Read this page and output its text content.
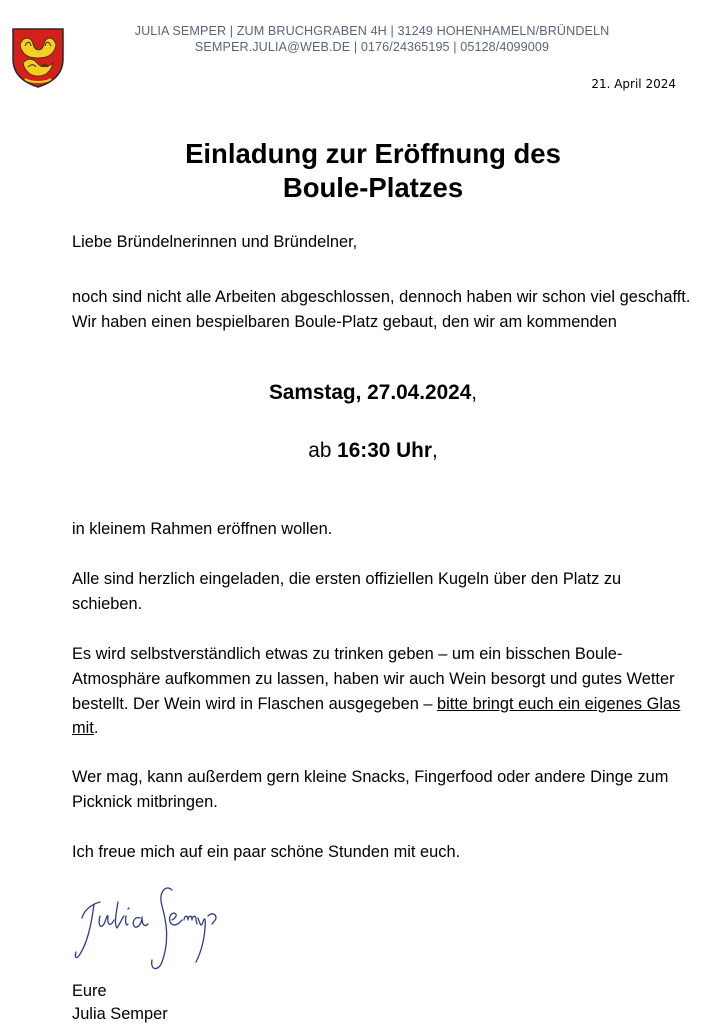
JULIA SEMPER | ZUM BRUCHGRABEN 4H | 31249 HOHENHAMELN/BRÜNDELN
SEMPER.JULIA@WEB.DE | 0176/24365195 | 05128/4099009
21. April 2024
Einladung zur Eröffnung des
Boule-Platzes

Liebe Bründelnerinnen und Bründelner,

noch sind nicht alle Arbeiten abgeschlossen, dennoch haben wir schon viel geschafft. Wir haben einen bespielbaren Boule-Platz gebaut, den wir am kommenden

Samstag, 27.04.2024,
ab 16:30 Uhr,

in kleinem Rahmen eröffnen wollen.

Alle sind herzlich eingeladen, die ersten offiziellen Kugeln über den Platz zu schieben.

Es wird selbstverständlich etwas zu trinken geben – um ein bisschen Boule-Atmosphäre aufkommen zu lassen, haben wir auch Wein besorgt und gutes Wetter bestellt. Der Wein wird in Flaschen ausgegeben – bitte bringt euch ein eigenes Glas mit.

Wer mag, kann außerdem gern kleine Snacks, Fingerfood oder andere Dinge zum Picknick mitbringen.

Ich freue mich auf ein paar schöne Stunden mit euch.

Eure

Julia Semper
